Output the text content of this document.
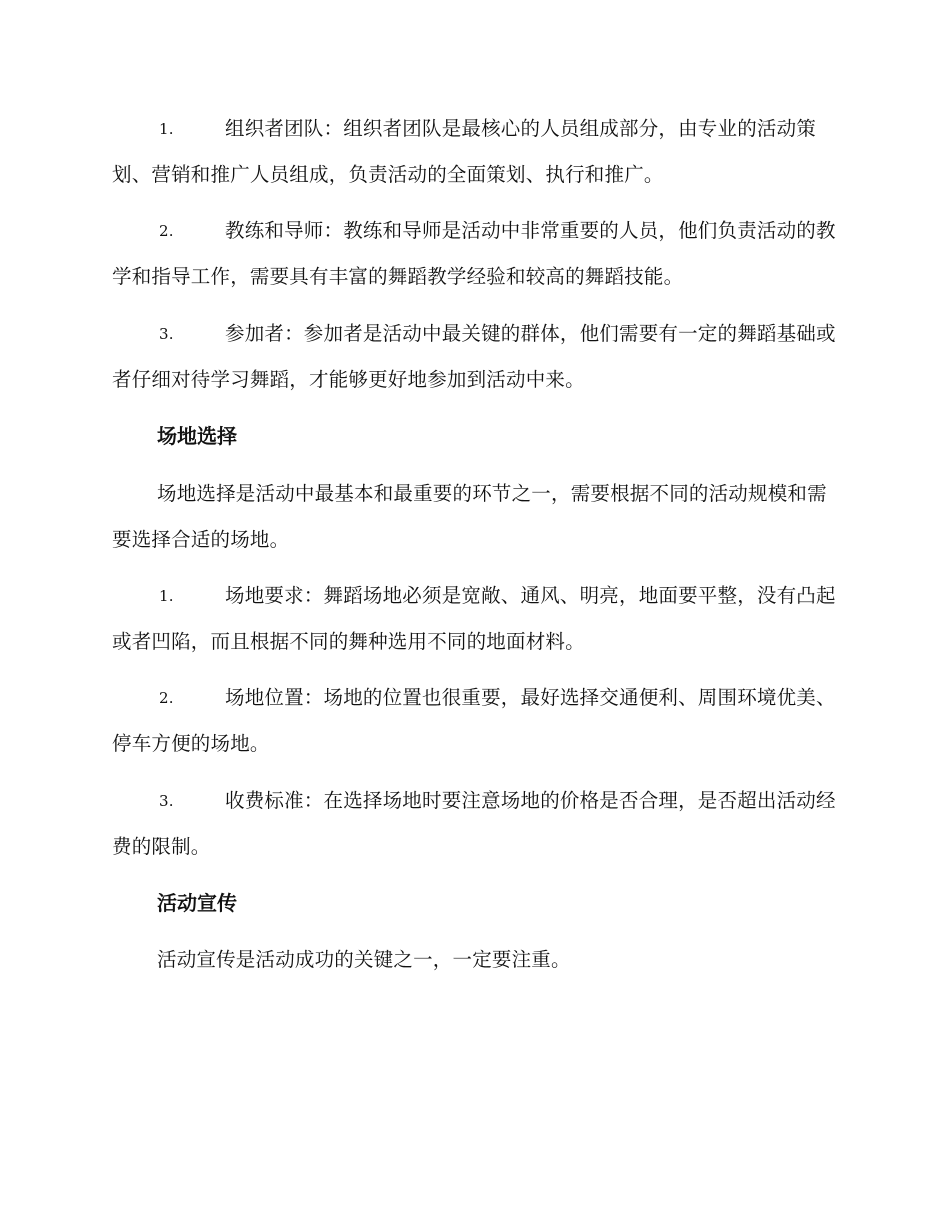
1.	组织者团队：组织者团队是最核心的人员组成部分，由专业的活动策划、营销和推广人员组成，负责活动的全面策划、执行和推广。

2.	教练和导师：教练和导师是活动中非常重要的人员，他们负责活动的教学和指导工作，需要具有丰富的舞蹈教学经验和较高的舞蹈技能。

3.	参加者：参加者是活动中最关键的群体，他们需要有一定的舞蹈基础或者仔细对待学习舞蹈，才能够更好地参加到活动中来。

场地选择

场地选择是活动中最基本和最重要的环节之一，需要根据不同的活动规模和需要选择合适的场地。

1.	场地要求：舞蹈场地必须是宽敞、通风、明亮，地面要平整，没有凸起或者凹陷，而且根据不同的舞种选用不同的地面材料。

2.	场地位置：场地的位置也很重要，最好选择交通便利、周围环境优美、停车方便的场地。

3.	收费标准：在选择场地时要注意场地的价格是否合理，是否超出活动经费的限制。

活动宣传

活动宣传是活动成功的关键之一，一定要注重。
